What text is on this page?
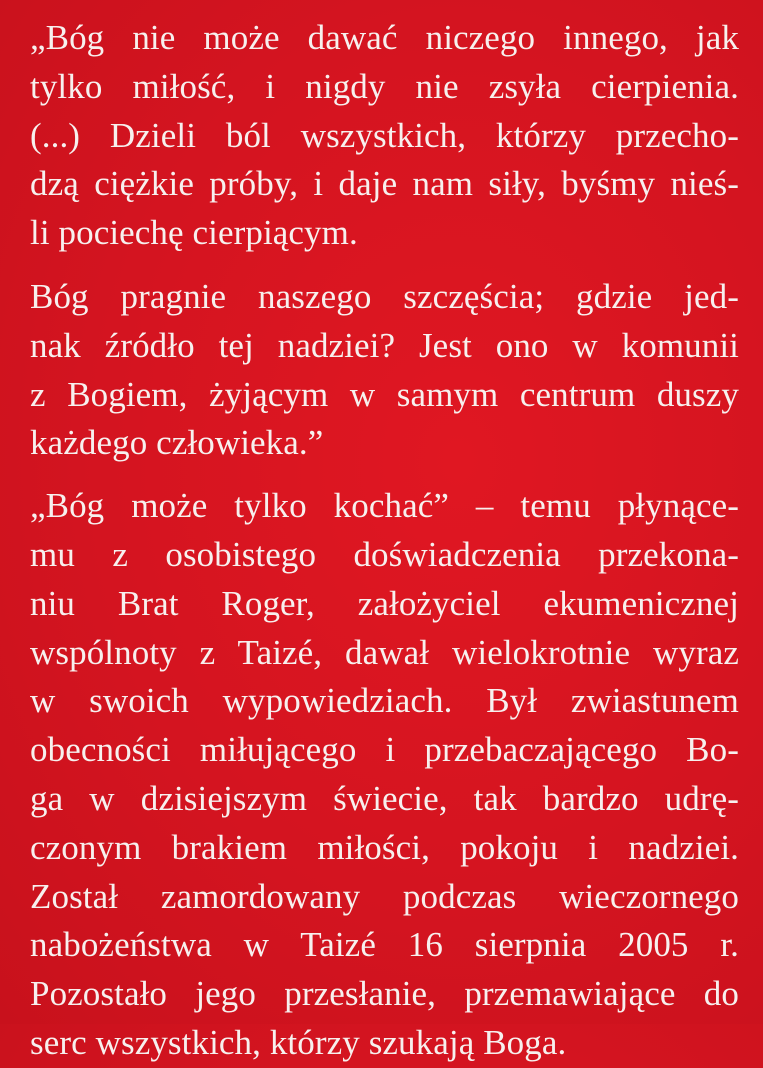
„Bóg nie może dawać niczego innego, jak
tylko miłość, i nigdy nie zsyła cierpienia.
(...) Dzieli ból wszystkich, którzy przecho-
dzą ciężkie próby, i daje nam siły, byśmy nieś-
li pociechę cierpiącym.

Bóg pragnie naszego szczęścia; gdzie jed-
nak źródło tej nadziei? Jest ono w komunii
z Bogiem, żyjącym w samym centrum duszy
każdego człowieka.”

„Bóg może tylko kochać” – temu płynące-
mu z osobistego doświadczenia przekona-
niu Brat Roger, założyciel ekumenicznej
wspólnoty z Taizé, dawał wielokrotnie wyraz
w swoich wypowiedziach. Był zwiastunem
obecności miłującego i przebaczającego Bo-
ga w dzisiejszym świecie, tak bardzo udrę-
czonym brakiem miłości, pokoju i nadziei.
Został zamordowany podczas wieczornego
nabożeństwa w Taizé 16 sierpnia 2005 r.
Pozostało jego przesłanie, przemawiające do
serc wszystkich, którzy szukają Boga.
